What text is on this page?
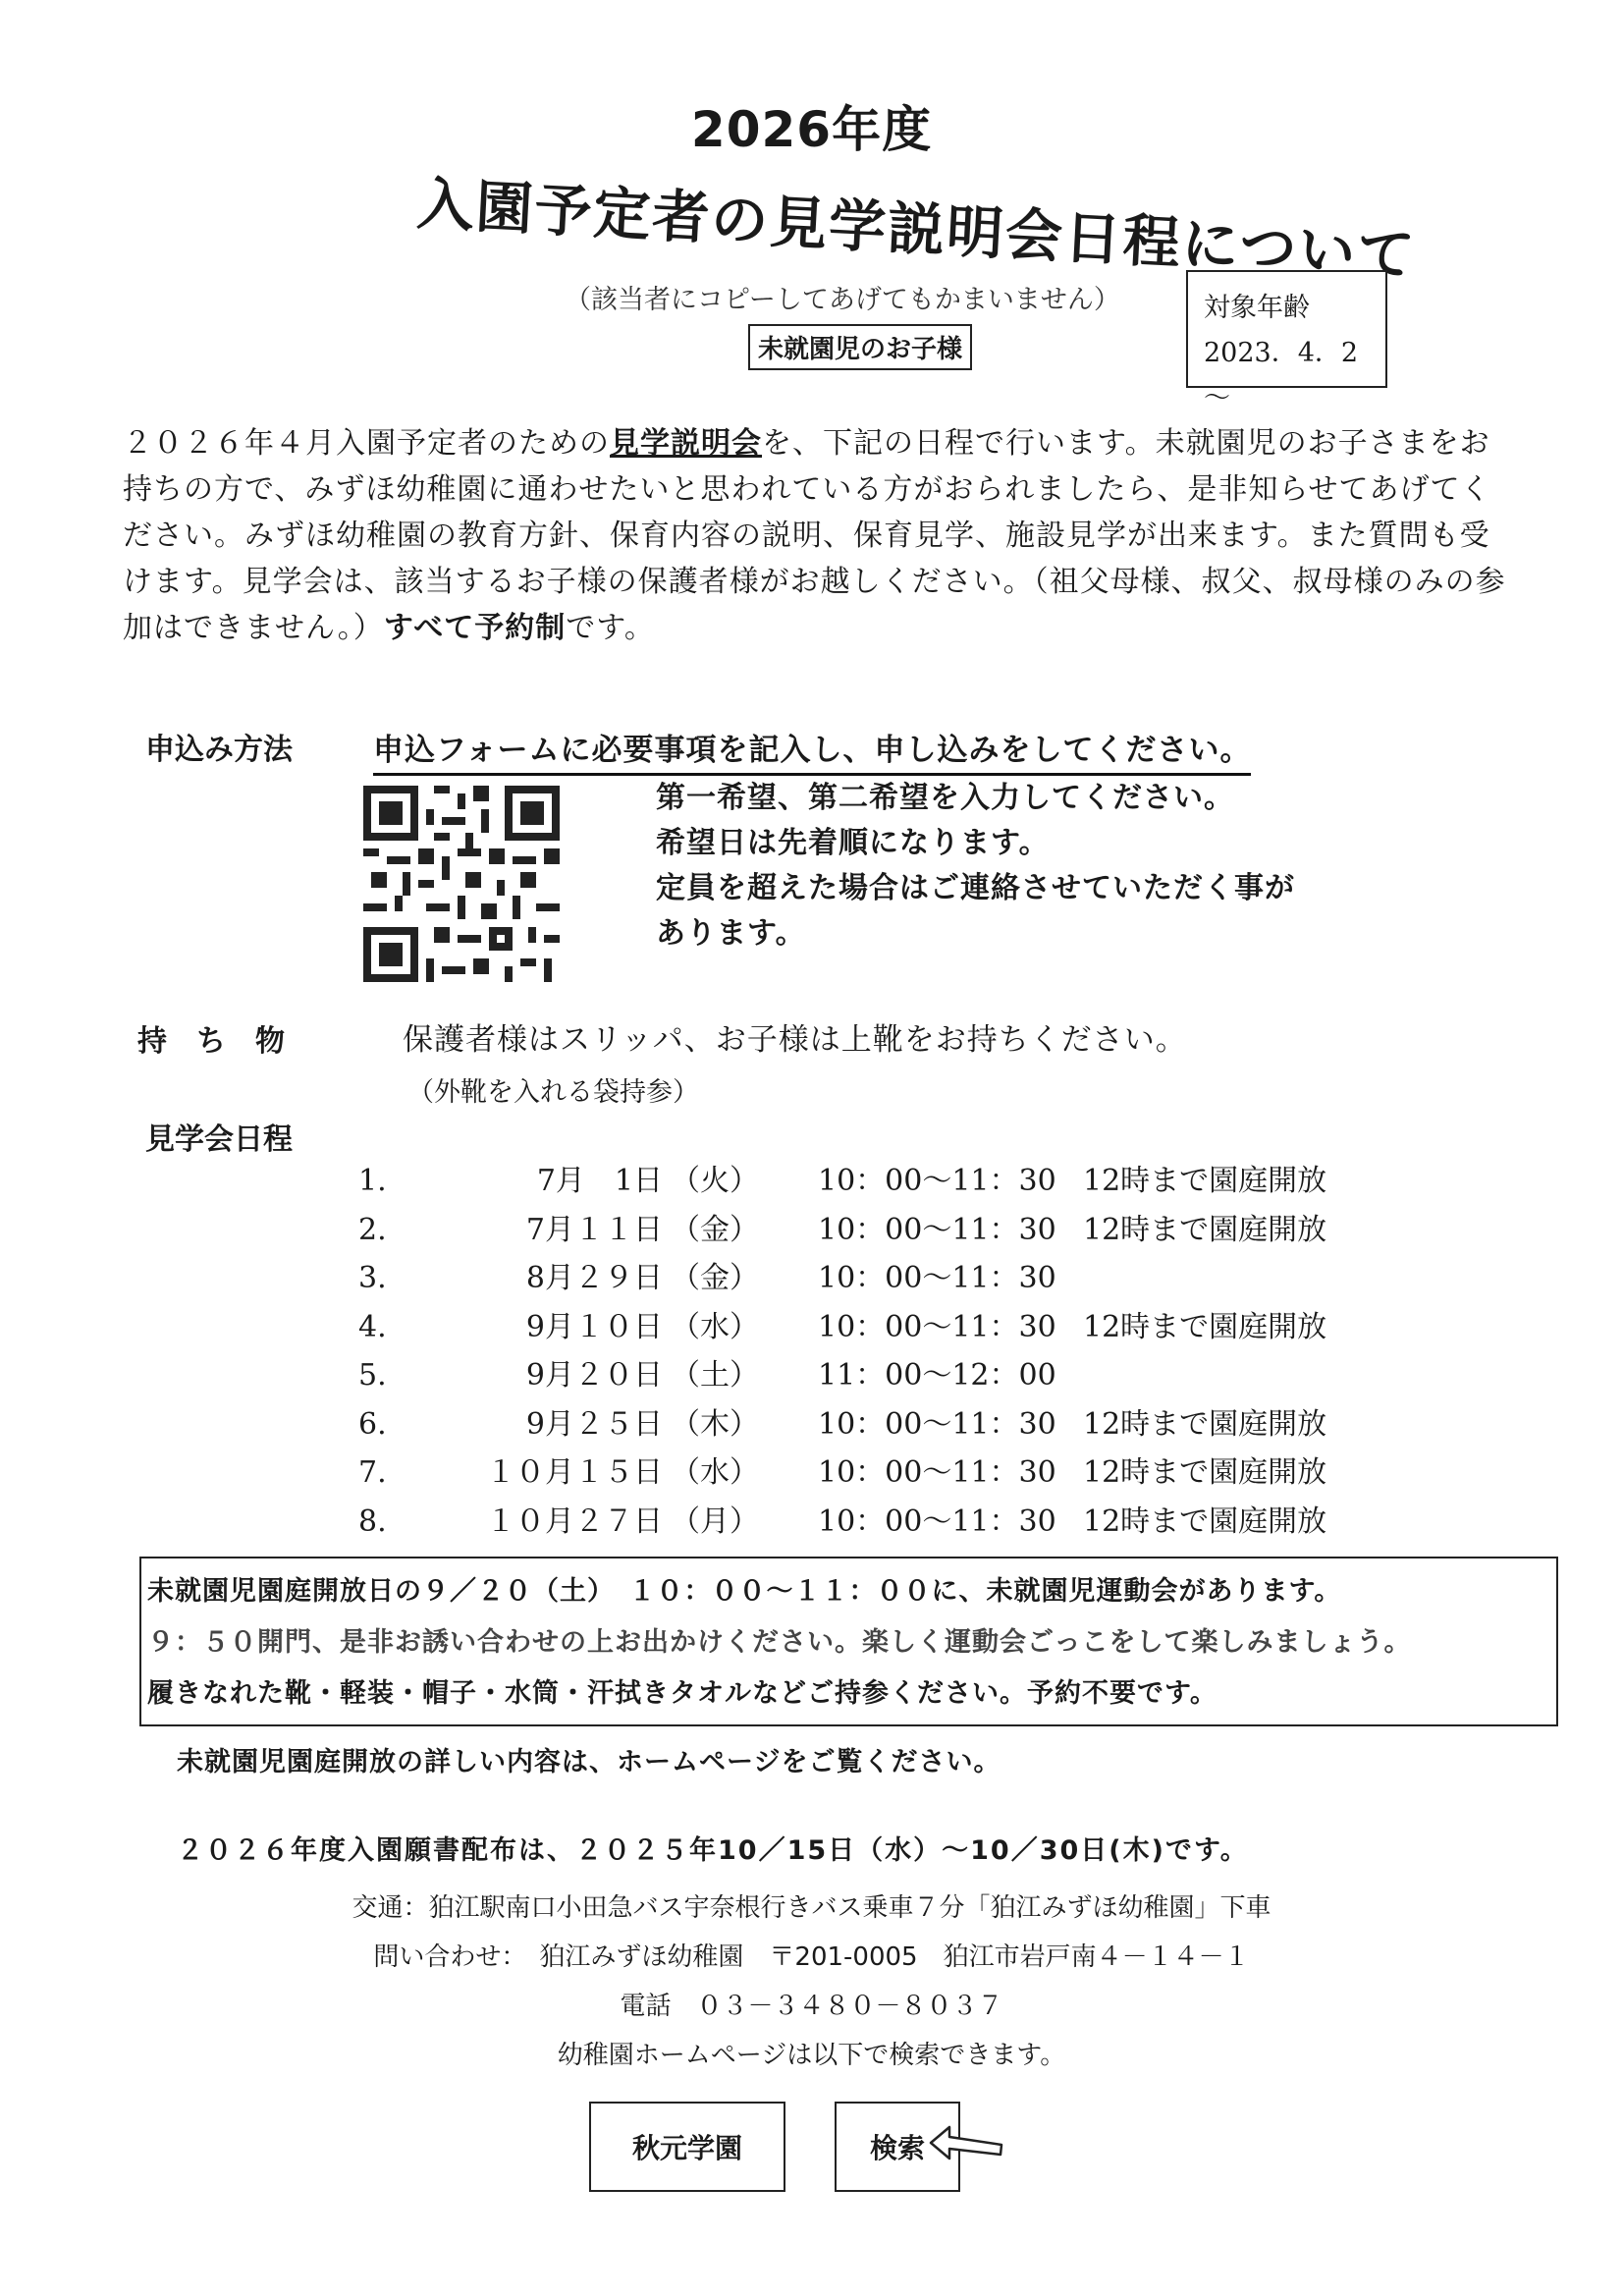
2026年度
入園予定者の見学説明会日程について
（該当者にコピーしてあげてもかまいません）
未就園児のお子様
対象年齢
2023．4．2～
２０２６年４月入園予定者のための見学説明会を、下記の日程で行います。未就園児のお子さまをお持ちの方で、みずほ幼稚園に通わせたいと思われている方がおられましたら、是非知らせてあげてください。みずほ幼稚園の教育方針、保育内容の説明、保育見学、施設見学が出来ます。また質問も受けます。見学会は、該当するお子様の保護者様がお越しください。（祖父母様、叔父、叔母様のみの参加はできません。）すべて予約制です。
申込み方法	申込フォームに必要事項を記入し、申し込みをしてください。
第一希望、第二希望を入力してください。
希望日は先着順になります。
定員を超えた場合はご連絡させていただく事が
あります。
持　ち　物	保護者様はスリッパ、お子様は上靴をお持ちください。
（外靴を入れる袋持参）
見学会日程
1.	7月　1日 （火）	10：00～11：30 12時まで園庭開放
2.	7月１１日 （金）	10：00～11：30 12時まで園庭開放
3.	8月２９日 （金）	10：00～11：30
4.	9月１０日 （水）	10：00～11：30 12時まで園庭開放
5.	9月２０日 （土）	11：00～12：00
6.	9月２５日 （木）	10：00～11：30 12時まで園庭開放
7.	１０月１５日 （水）	10：00～11：30 12時まで園庭開放
8.	１０月２７日 （月）	10：00～11：30 12時まで園庭開放
未就園児園庭開放日の９／２０（土）　１０：００～１１：００に、未就園児運動会があります。
９：５０開門、是非お誘い合わせの上お出かけください。楽しく運動会ごっこをして楽しみましょう。
履きなれた靴・軽装・帽子・水筒・汗拭きタオルなどご持参ください。予約不要です。
未就園児園庭開放の詳しい内容は、ホームページをご覧ください。
２０２６年度入園願書配布は、２０２５年10／15日（水）～10／30日(木)です。
交通：狛江駅南口小田急バス宇奈根行きバス乗車７分「狛江みずほ幼稚園」下車
問い合わせ：　狛江みずほ幼稚園　〒201-0005　狛江市岩戸南４－１４－１
電話　０３－３４８０－８０３７
幼稚園ホームページは以下で検索できます。
秋元学園	検索
